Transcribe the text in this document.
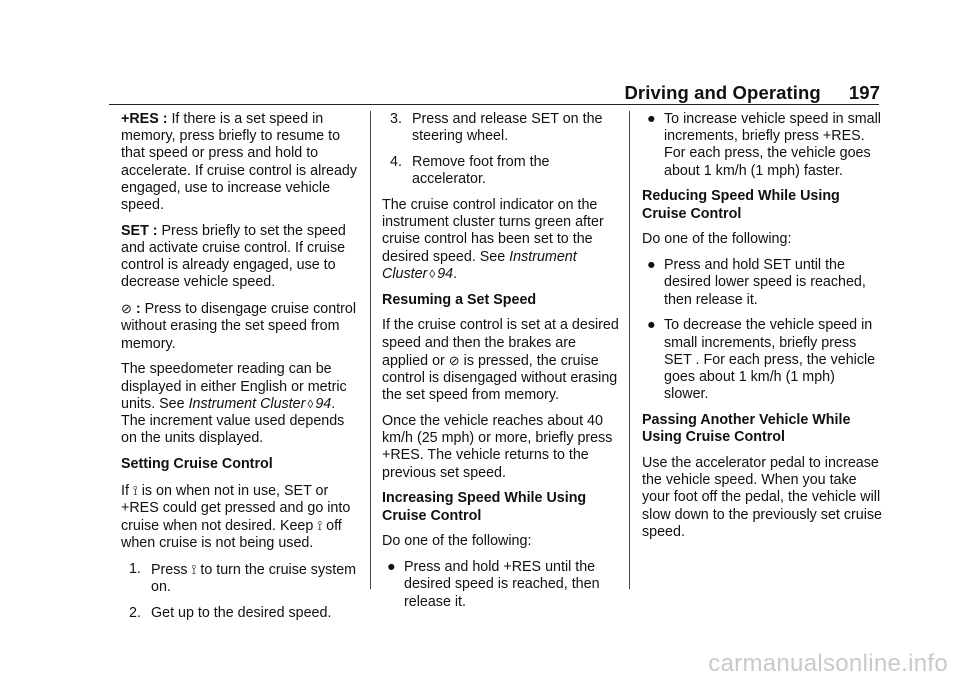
Driving and Operating 197

+RES : If there is a set speed in memory, press briefly to resume to that speed or press and hold to accelerate. If cruise control is already engaged, use to increase vehicle speed.

SET : Press briefly to set the speed and activate cruise control. If cruise control is already engaged, use to decrease vehicle speed.

⊘ : Press to disengage cruise control without erasing the set speed from memory.

The speedometer reading can be displayed in either English or metric units. See Instrument Cluster ◊ 94. The increment value used depends on the units displayed.

Setting Cruise Control

If ⟟ is on when not in use, SET or +RES could get pressed and go into cruise when not desired. Keep ⟟ off when cruise is not being used.

1. Press ⟟ to turn the cruise system on.
2. Get up to the desired speed.
3. Press and release SET on the steering wheel.
4. Remove foot from the accelerator.

The cruise control indicator on the instrument cluster turns green after cruise control has been set to the desired speed. See Instrument Cluster ◊ 94.

Resuming a Set Speed

If the cruise control is set at a desired speed and then the brakes are applied or ⊘ is pressed, the cruise control is disengaged without erasing the set speed from memory.

Once the vehicle reaches about 40 km/h (25 mph) or more, briefly press +RES. The vehicle returns to the previous set speed.

Increasing Speed While Using Cruise Control

Do one of the following:

● Press and hold +RES until the desired speed is reached, then release it.
● To increase vehicle speed in small increments, briefly press +RES. For each press, the vehicle goes about 1 km/h (1 mph) faster.

Reducing Speed While Using Cruise Control

Do one of the following:

● Press and hold SET until the desired lower speed is reached, then release it.
● To decrease the vehicle speed in small increments, briefly press SET . For each press, the vehicle goes about 1 km/h (1 mph) slower.

Passing Another Vehicle While Using Cruise Control

Use the accelerator pedal to increase the vehicle speed. When you take your foot off the pedal, the vehicle will slow down to the previously set cruise speed.

carmanualsonline.info
